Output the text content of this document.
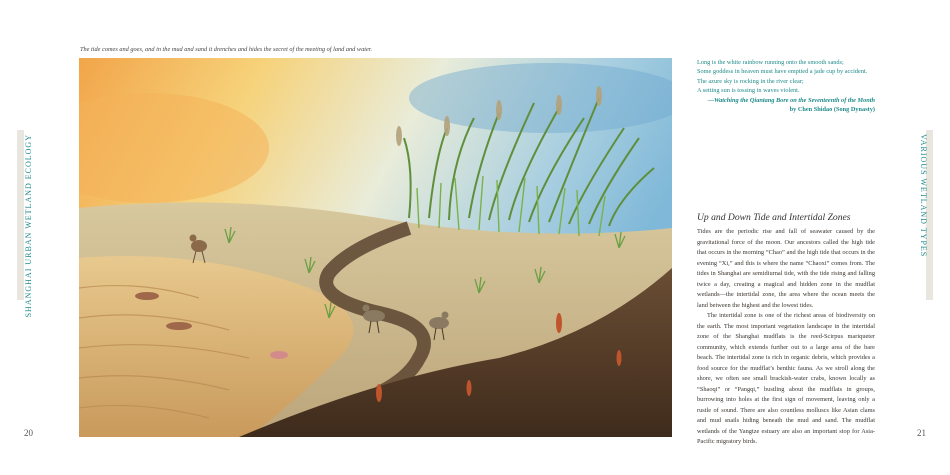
SHANGHAI URBAN WETLAND ECOLOGY	VARIOUS WETLAND TYPES
20	21
The tide comes and goes, and in the mud and sand it drenches and hides the secret of the meeting of land and water.
Long is the white rainbow running onto the smooth sands;
Some goddess in heaven must have emptied a jade cup by accident.
The azure sky is rocking in the river clear;
A setting sun is tossing in waves violent.
—Watching the Qiantang Bore on the Seventeenth of the Month
by Chen Shidao (Song Dynasty)
Up and Down Tide and Intertidal Zones

Tides are the periodic rise and fall of seawater caused by the gravitational force of the moon. Our ancestors called the high tide that occurs in the morning “Chao” and the high tide that occurs in the evening “Xi,” and this is where the name “Chaoxi” comes from. The tides in Shanghai are semidiurnal tide, with the tide rising and falling twice a day, creating a magical and hidden zone in the mudflat wetlands—the intertidal zone, the area where the ocean meets the land between the highest and the lowest tides.

The intertidal zone is one of the richest areas of biodiversity on the earth. The most important vegetation landscape in the intertidal zone of the Shanghai mudflats is the reed-Scirpus mariqueter community, which extends further out to a large area of the bare beach. The intertidal zone is rich in organic debris, which provides a food source for the mudflat’s benthic fauna. As we stroll along the shore, we often see small brackish-water crabs, known locally as “Shaoqi” or “Pangqi,” bustling about the mudflats in groups, burrowing into holes at the first sign of movement, leaving only a rustle of sound. There are also countless molluscs like Asian clams and mud snails hiding beneath the mud and sand. The mudflat wetlands of the Yangtze estuary are also an important stop for Asia-Pacific migratory birds.
